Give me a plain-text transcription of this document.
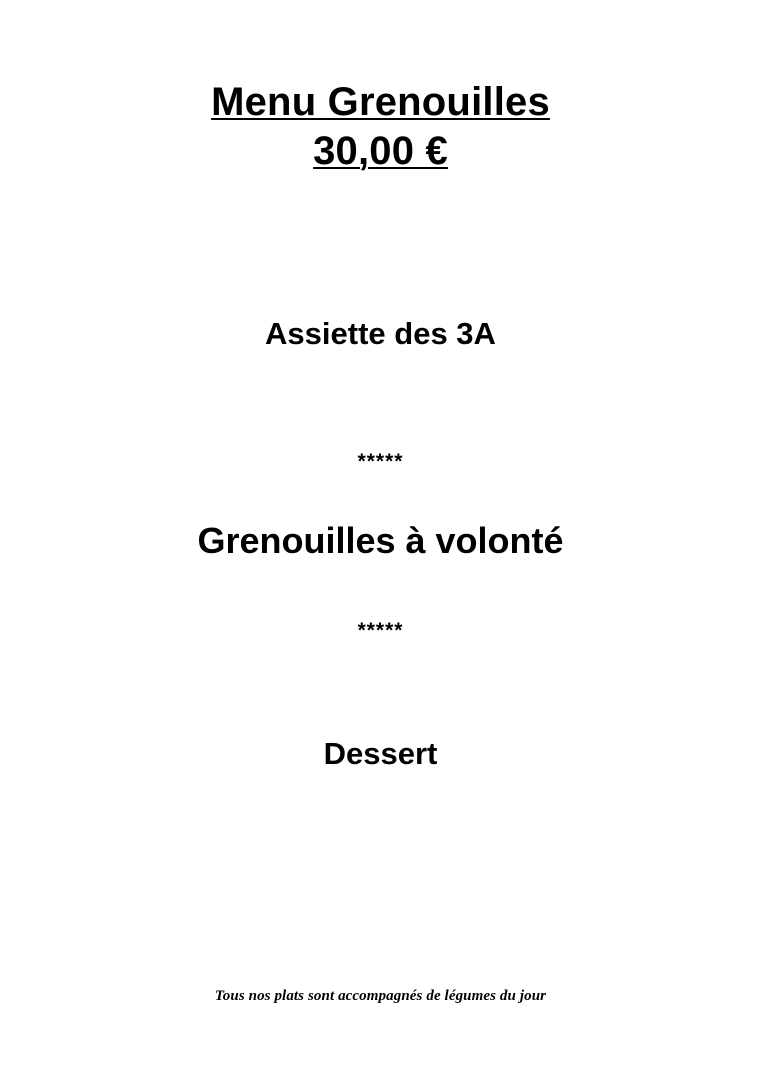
Menu Grenouilles
30,00 €
Assiette des 3A
*****
Grenouilles à volonté
*****
Dessert
Tous nos plats sont accompagnés de légumes du jour
